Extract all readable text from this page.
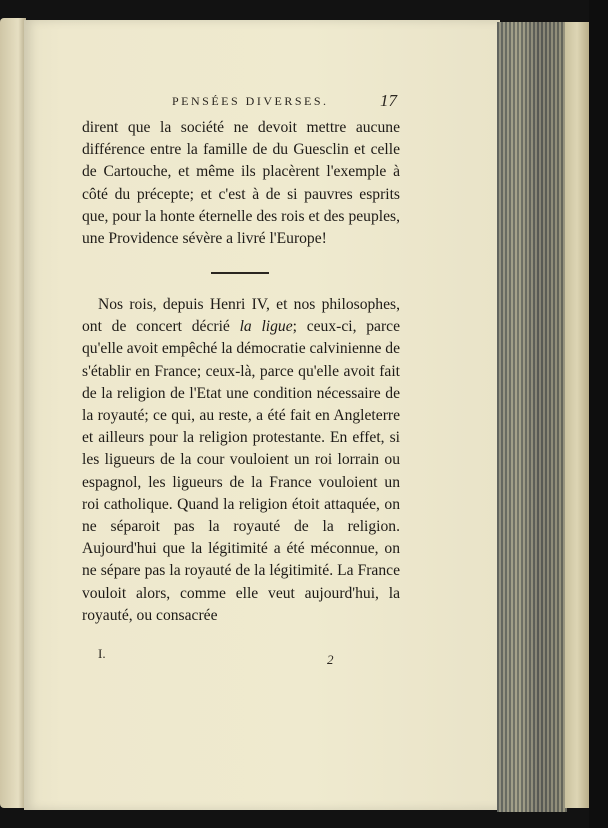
PENSÉES DIVERSES.	17

dirent que la société ne devoit mettre aucune différence entre la famille de du Guesclin et celle de Cartouche, et même ils placèrent l'exemple à côté du précepte; et c'est à de si pauvres esprits que, pour la honte éternelle des rois et des peuples, une Providence sévère a livré l'Europe!

Nos rois, depuis Henri IV, et nos philosophes, ont de concert décrié la ligue; ceux-ci, parce qu'elle avoit empêché la démocratie calvinienne de s'établir en France; ceux-là, parce qu'elle avoit fait de la religion de l'Etat une condition nécessaire de la royauté; ce qui, au reste, a été fait en Angleterre et ailleurs pour la religion protestante. En effet, si les ligueurs de la cour vouloient un roi lorrain ou espagnol, les ligueurs de la France vouloient un roi catholique. Quand la religion étoit attaquée, on ne séparoit pas la royauté de la religion. Aujourd'hui que la légitimité a été méconnue, on ne sépare pas la royauté de la légitimité. La France vouloit alors, comme elle veut aujourd'hui, la royauté, ou consacrée

I.	2
